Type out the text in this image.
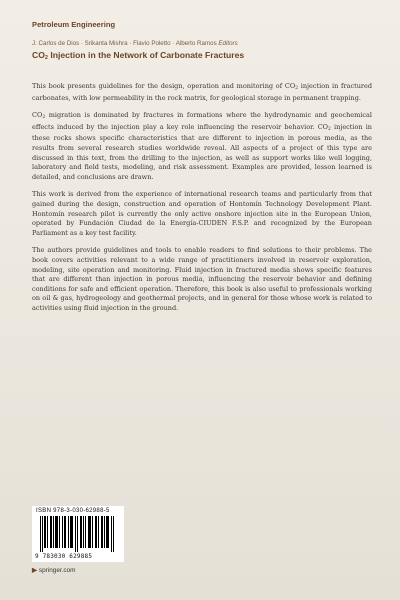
Petroleum Engineering
J. Carlos de Dios · Srikanta Mishra · Flavio Poletto · Alberto Ramos Editors
$CO_2$ Injection in the Network of Carbonate Fractures

This book presents guidelines for the design, operation and monitoring of $CO_2$ injection in fractured carbonates, with low permeability in the rock matrix, for geological storage in permanent trapping.

$CO_2$ migration is dominated by fractures in formations where the hydrodynamic and geochemical effects induced by the injection play a key role influencing the reservoir behavior. $CO_2$ injection in these rocks shows specific characteristics that are different to injection in porous media, as the results from several research studies worldwide reveal. All aspects of a project of this type are discussed in this text, from the drilling to the injection, as well as support works like well logging, laboratory and field tests, modeling, and risk assessment. Examples are provided, lesson learned is detailed, and conclusions are drawn.

This work is derived from the experience of international research teams and particularly from that gained during the design, construction and operation of Hontomín Technology Development Plant. Hontomín research pilot is currently the only active onshore injection site in the European Union, operated by Fundación Ciudad de la Energía-CIUDEN F.S.P. and recognized by the European Parliament as a key test facility.

The authors provide guidelines and tools to enable readers to find solutions to their problems. The book covers activities relevant to a wide range of practitioners involved in reservoir exploration, modeling, site operation and monitoring. Fluid injection in fractured media shows specific features that are different than injection in porous media, influencing the reservoir behavior and defining conditions for safe and efficient operation. Therefore, this book is also useful to professionals working on oil & gas, hydrogeology and geothermal projects, and in general for those whose work is related to activities using fluid injection in the ground.

ISBN 978-3-030-62988-5
9 783030 629885
▶ springer.com
